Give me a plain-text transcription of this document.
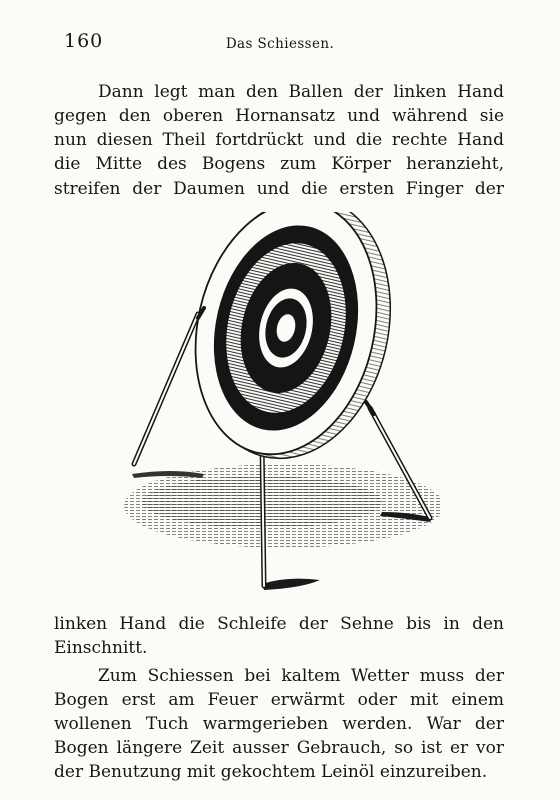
160	Das Schiessen.
Dann legt man den Ballen der linken Hand
gegen den oberen Hornansatz und während sie
nun diesen Theil fortdrückt und die rechte Hand
die Mitte des Bogens zum Körper heranzieht,
streifen der Daumen und die ersten Finger der
linken Hand die Schleife der Sehne bis in den
Einschnitt.
Zum Schiessen bei kaltem Wetter muss der
Bogen erst am Feuer erwärmt oder mit einem
wollenen Tuch warmgerieben werden. War der
Bogen längere Zeit ausser Gebrauch, so ist er vor
der Benutzung mit gekochtem Leinöl einzureiben.
